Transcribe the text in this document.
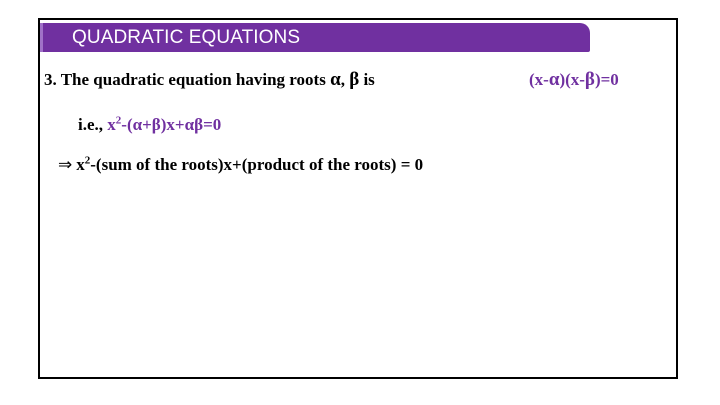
QUADRATIC EQUATIONS
3. The quadratic equation having roots α, β is	(x-α)(x-β)=0
i.e., $x^2-(\alpha+\beta)x+\alpha\beta=0$
⇒ $x^2-(sum$ of the roots)x+(product of the roots) = 0
